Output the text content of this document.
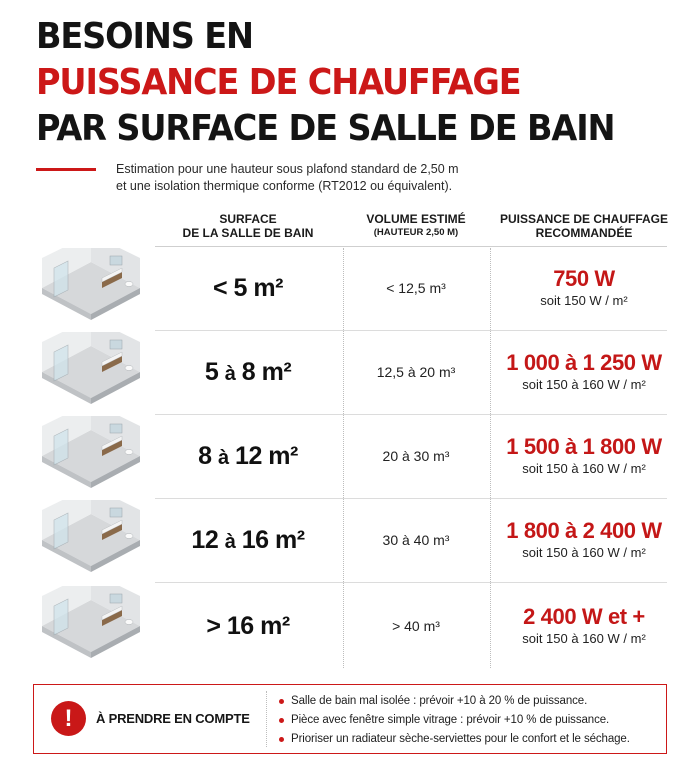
BESOINS EN
PUISSANCE DE CHAUFFAGE
PAR SURFACE DE SALLE DE BAIN
Estimation pour une hauteur sous plafond standard de 2,50 m
et une isolation thermique conforme (RT2012 ou équivalent).
SURFACE
DE LA SALLE DE BAIN
VOLUME ESTIMÉ
(HAUTEUR 2,50 M)
PUISSANCE DE CHAUFFAGE
RECOMMANDÉE
< 5 m²	< 12,5 m³	750 W
soit 150 W / m²
5 à 8 m²	12,5 à 20 m³	1 000 à 1 250 W
soit 150 à 160 W / m²
8 à 12 m²	20 à 30 m³	1 500 à 1 800 W
soit 150 à 160 W / m²
12 à 16 m²	30 à 40 m³	1 800 à 2 400 W
soit 150 à 160 W / m²
> 16 m²	> 40 m³	2 400 W et +
soit 150 à 160 W / m²
!	À PRENDRE EN COMPTE
Salle de bain mal isolée : prévoir +10 à 20 % de puissance.
Pièce avec fenêtre simple vitrage : prévoir +10 % de puissance.
Prioriser un radiateur sèche-serviettes pour le confort et le séchage.
